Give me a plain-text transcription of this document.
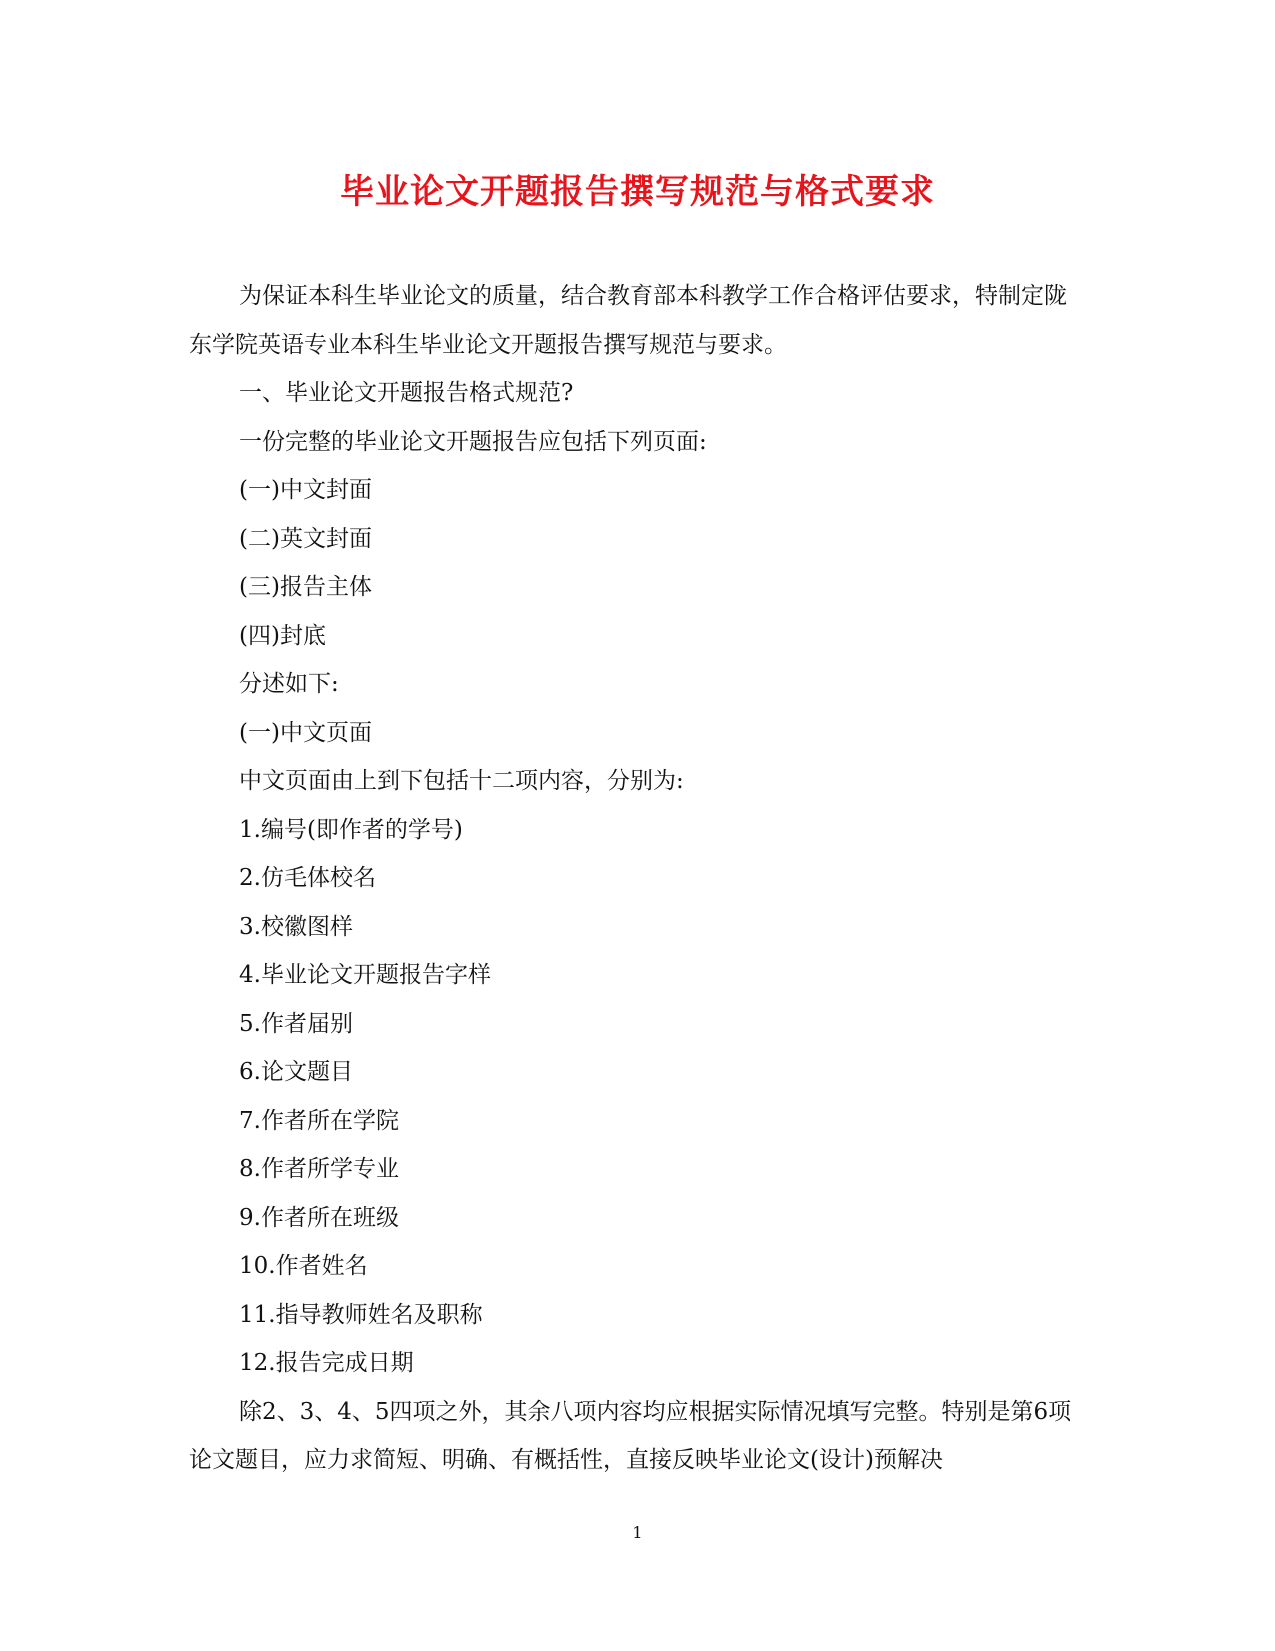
毕业论文开题报告撰写规范与格式要求

为保证本科生毕业论文的质量，结合教育部本科教学工作合格评估要求，特制定陇东学院英语专业本科生毕业论文开题报告撰写规范与要求。

一、毕业论文开题报告格式规范?

一份完整的毕业论文开题报告应包括下列页面:

(一)中文封面

(二)英文封面

(三)报告主体

(四)封底

分述如下:

(一)中文页面

中文页面由上到下包括十二项内容，分别为:

1.编号(即作者的学号)

2.仿毛体校名

3.校徽图样

4.毕业论文开题报告字样

5.作者届别

6.论文题目

7.作者所在学院

8.作者所学专业

9.作者所在班级

10.作者姓名

11.指导教师姓名及职称

12.报告完成日期

除2、3、4、5四项之外，其余八项内容均应根据实际情况填写完整。特别是第6项论文题目，应力求简短、明确、有概括性，直接反映毕业论文(设计)预解决

1
